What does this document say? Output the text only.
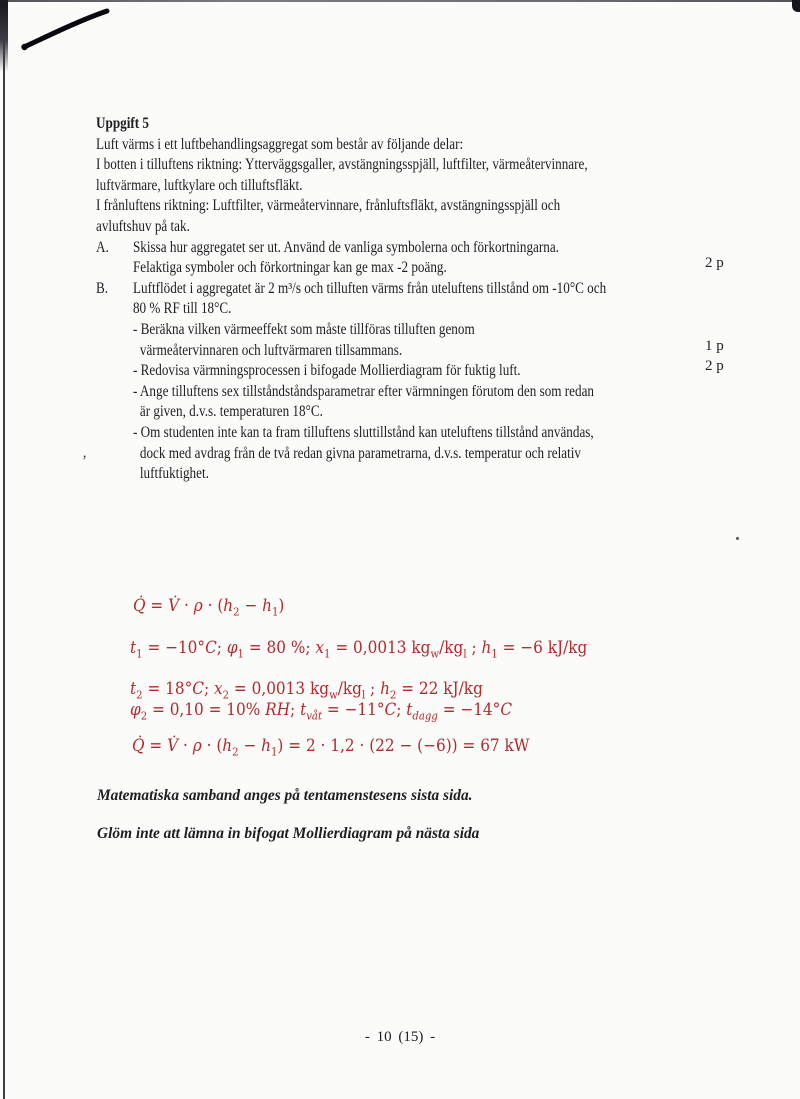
’
Uppgift 5
Luft värms i ett luftbehandlingsaggregat som består av följande delar:
I botten i tilluftens riktning: Ytterväggsgaller, avstängningsspjäll, luftfilter, värmeåtervinnare,
luftvärmare, luftkylare och tilluftsfläkt.
I frånluftens riktning: Luftfilter, värmeåtervinnare, frånluftsfläkt, avstängningsspjäll och
avluftshuv på tak.
A. Skissa hur aggregatet ser ut. Använd de vanliga symbolerna och förkortningarna.
Felaktiga symboler och förkortningar kan ge max -2 poäng.
B. Luftflödet i aggregatet är 2 m³/s och tilluften värms från uteluftens tillstånd om -10°C och
80 % RF till 18°C.
- Beräkna vilken värmeeffekt som måste tillföras tilluften genom
värmeåtervinnaren och luftvärmaren tillsammans.
- Redovisa värmningsprocessen i bifogade Mollierdiagram för fuktig luft.
- Ange tilluftens sex tillståndståndsparametrar efter värmningen förutom den som redan
är given, d.v.s. temperaturen 18°C.
- Om studenten inte kan ta fram tilluftens sluttillstånd kan uteluftens tillstånd användas,
dock med avdrag från de två redan givna parametrarna, d.v.s. temperatur och relativ
luftfuktighet.
2 p
1 p
2 p
Q̇ = V̇ · $\rho \cdot (h_2 - h_1)$
$t_1 = -10^\circ C$; $\varphi_1 = 80$ %; $x_1 = 0,0013$ $kg_w/kg_l$ ; $h_1 = -6$ kJ/kg
$t_2 = 18^\circ C$; $x_2 = 0,0013$ $kg_w/kg_l$ ; $h_2 = 22$ kJ/kg
$\varphi_2 = 0,10 = 10\%$ RH; $t_{våt} = -11^\circ C$; $t_{dagg} = -14^\circ C$
Q̇ = V̇ · $\rho \cdot (h_2 - h_1) = 2 \cdot 1,2 \cdot (22 - (-6)) = 67$ kW
Matematiska samband anges på tentamenstesens sista sida.
Glöm inte att lämna in bifogat Mollierdiagram på nästa sida
- 10 (15) -
